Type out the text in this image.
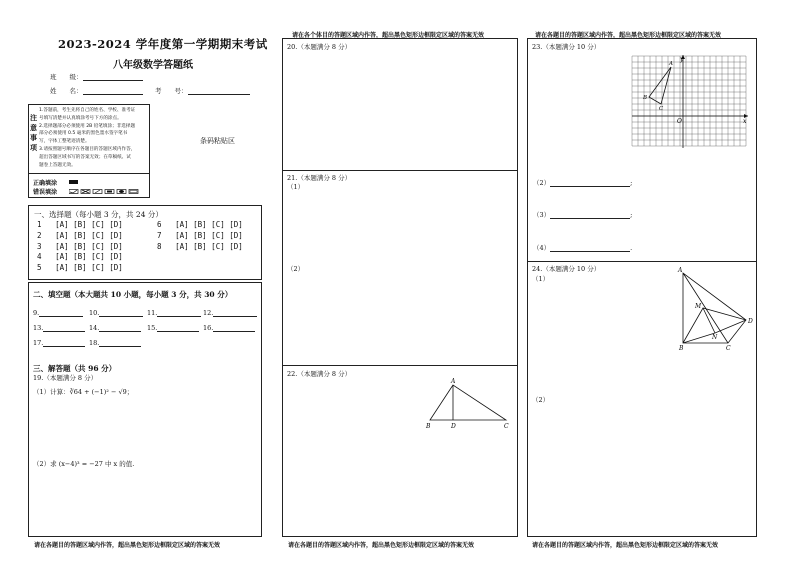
请在各个体目的答题区域内作答，超出黑色矩形边框限定区域的答案无效	请在各题目的答题区域内作答，超出黑色矩形边框限定区域的答案无效
2023-2024 学年度第一学期期末考试
八年级数学答题纸
班　　级：
姓　　名：	考　　号：
注
意
事
项
1.答题前，考生先将自己的姓名、学校、准考证
号填写清楚并认真填涂考号下方的涂点。
2.选择题部分必须使用 2B 铅笔填涂；非选择题
部分必须使用 0.5 毫米的黑色墨水签字笔书
写，字体工整笔迹清楚。
3.请按照题号顺序在各题目的答题区域内作答，
超出答题区域书写的答案无效；在草稿纸、试
题卷上答题无效。
条码粘贴区
正确填涂
错误填涂
一、选择题（每小题 3 分，共 24 分）
1 [A] [B] [C] [D]
2 [A] [B] [C] [D]
3 [A] [B] [C] [D]
4 [A] [B] [C] [D]
5 [A] [B] [C] [D]
6 [A] [B] [C] [D]
7 [A] [B] [C] [D]
8 [A] [B] [C] [D]
二、填空题（本大题共 10 小题，每小题 3 分，共 30 分）
9.	10.	11.	12.
13.	14.	15.	16.
17.	18.
三、解答题（共 96 分）
19.（本题满分 8 分）
（1）计算：∛64 + (−1)² − √9；
（2）求 (x−4)³ = −27 中 x 的值.
请在各题目的答题区域内作答，超出黑色矩形边框限定区域的答案无效
20.（本题满分 8 分）
21.（本题满分 8 分）
（1）
（2）
22.（本题满分 8 分）
A
B	D	C
请在各题目的答题区域内作答，超出黑色矩形边框限定区域的答案无效
23.（本题满分 10 分）
y
x
O
A
B
C
（2）	;
（3）	;
（4）	.
24.（本题满分 10 分）
（1）
A
M
D
N
B	C
（2）
请在各题目的答题区域内作答，超出黑色矩形边框限定区域的答案无效
